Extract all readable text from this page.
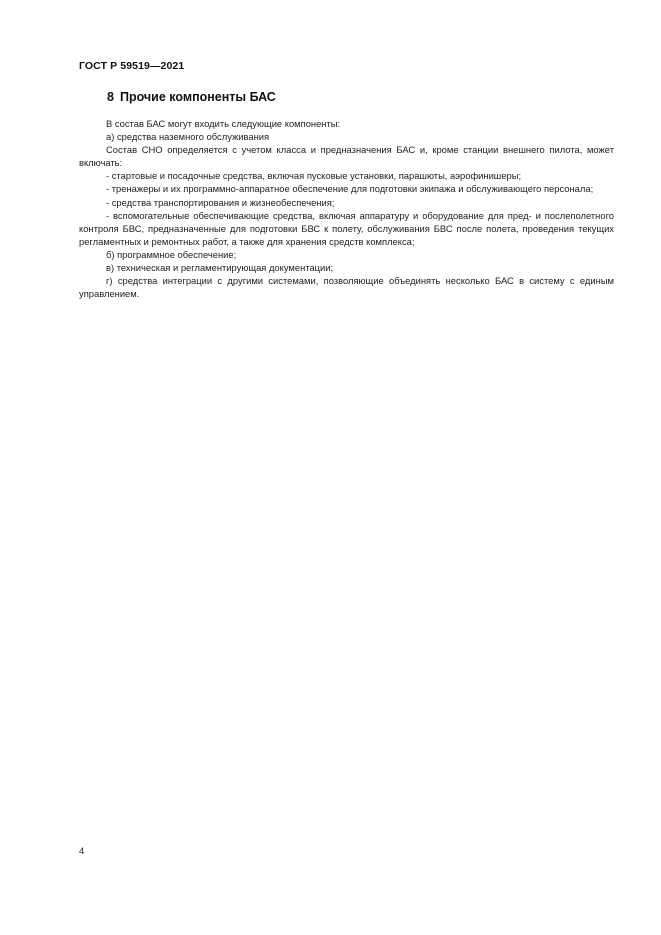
ГОСТ Р 59519—2021
8 Прочие компоненты БАС

В состав БАС могут входить следующие компоненты:

а) средства наземного обслуживания

Состав СНО определяется с учетом класса и предназначения БАС и, кроме станции внешнего пилота, может включать:

- стартовые и посадочные средства, включая пусковые установки, парашюты, аэрофинишеры;

- тренажеры и их программно-аппаратное обеспечение для подготовки экипажа и обслуживающего персонала;

- средства транспортирования и жизнеобеспечения;

- вспомогательные обеспечивающие средства, включая аппаратуру и оборудование для пред- и послеполетного контроля БВС, предназначенные для подготовки БВС к полету, обслуживания БВС после полета, проведения текущих регламентных и ремонтных работ, а также для хранения средств комплекса;

б) программное обеспечение;

в) техническая и регламентирующая документации;

г) средства интеграции с другими системами, позволяющие объединять несколько БАС в систему с единым управлением.

4
